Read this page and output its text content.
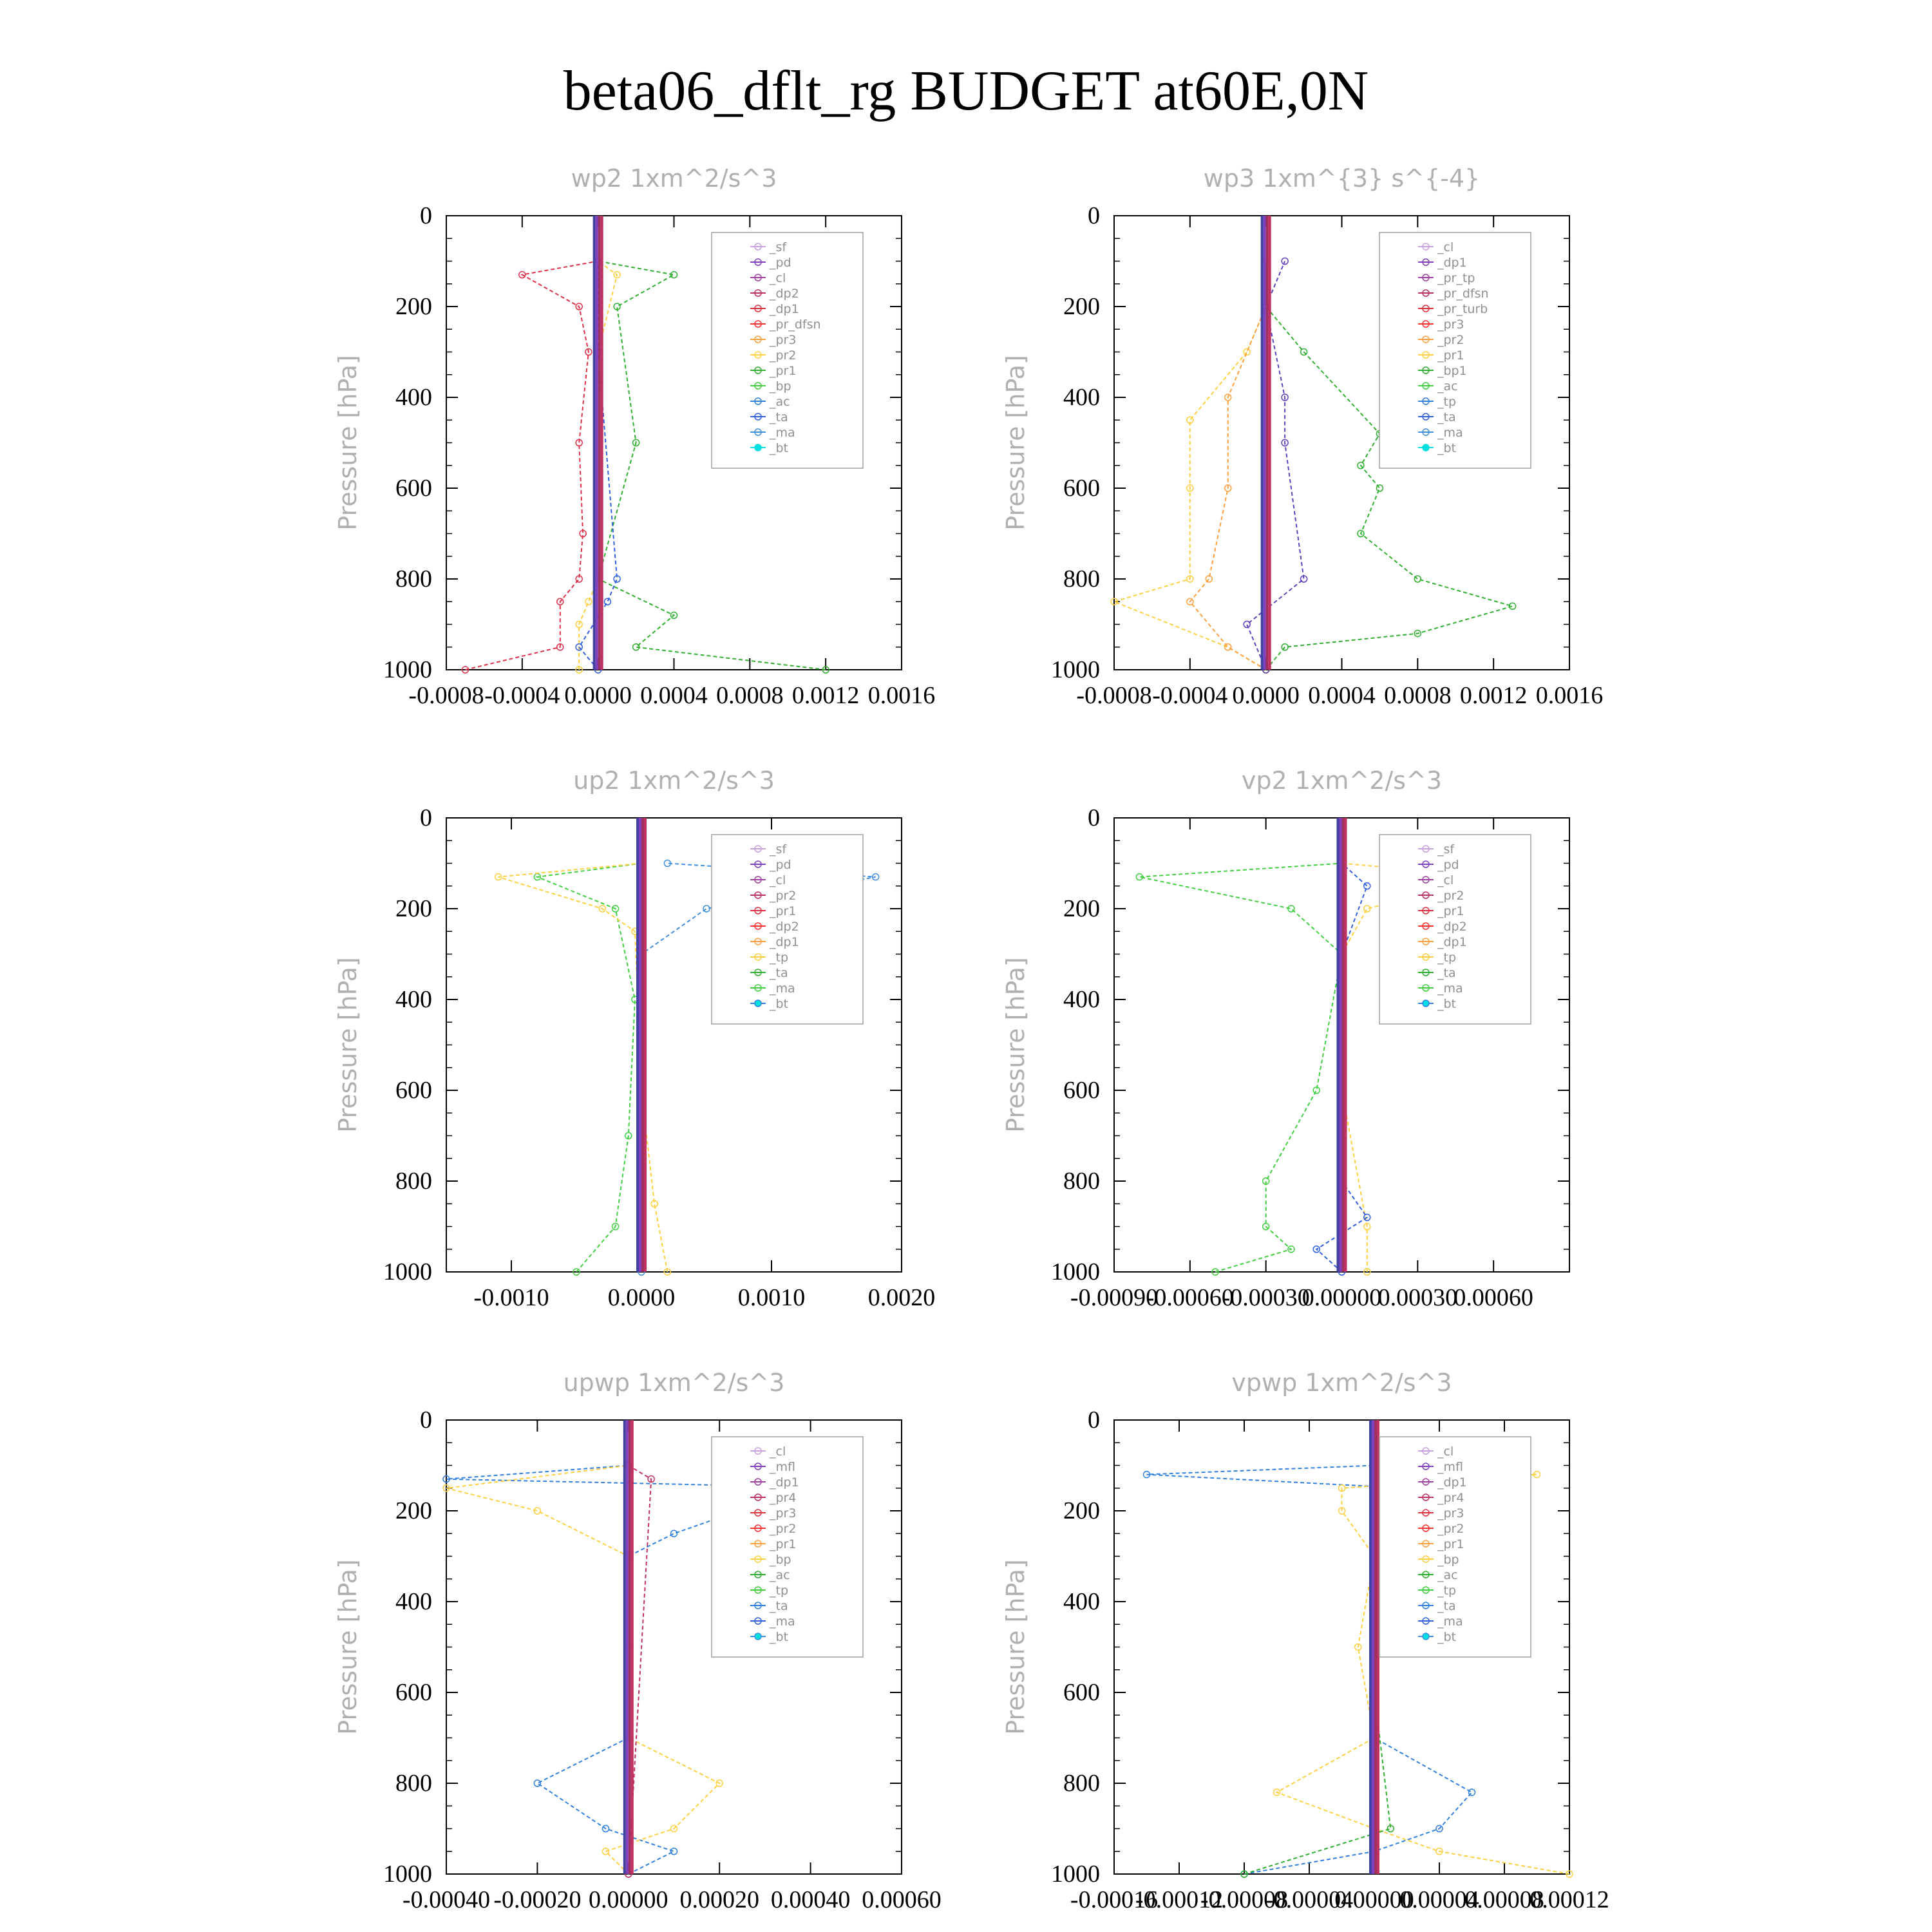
beta06_dflt_rg BUDGET at60E,0N
0
200
400
600
800
1000
-0.0008 -0.0004 0.0000 0.0004 0.0008 0.0012 0.0016
wp2 1xm^2/s^3
Pressure [hPa]
_sf
_pd
_cl
_dp2
_dp1
_pr_dfsn
_pr3
_pr2
_pr1
_bp
_ac
_ta
_ma
_bt
0
200
400
600
800
1000
-0.0008 -0.0004 0.0000 0.0004 0.0008 0.0012 0.0016
wp3 1xm^{3} s^{-4}
Pressure [hPa]
_cl
_dp1
_pr_tp
_pr_dfsn
_pr_turb
_pr3
_pr2
_pr1
_bp1
_ac
_tp
_ta
_ma
_bt
0
200
400
600
800
1000
-0.0010 0.0000	0.0010	0.0020
up2 1xm^2/s^3
Pressure [hPa]
_sf
_pd
_cl
_pr2
_pr1
_dp2
_dp1
_tp
_ta
_ma
_bt
0
200
400
600
800
1000
-0.00090
-0.00060
-0.00030
0.00000
0.00030
0.00060
vp2 1xm^2/s^3
Pressure [hPa]
_sf
_pd
_cl
_pr2
_pr1
_dp2
_dp1
_tp
_ta
_ma
_bt
0
200
400
600
800
1000
-0.00040 -0.00020 0.00000 0.00020 0.00040 0.00060
upwp 1xm^2/s^3
Pressure [hPa]
_cl
_mfl
_dp1
_pr4
_pr3
_pr2
_pr1
_bp
_ac
_tp
_ta
_ma
_bt
0
200
400
600
800
1000
-0.00016
-0.00012
-0.00008
-0.00004
0.00000
0.00004
0.00008
0.00012
vpwp 1xm^2/s^3
Pressure [hPa]
_cl
_mfl
_dp1
_pr4
_pr3
_pr2
_pr1
_bp
_ac
_tp
_ta
_ma
_bt
